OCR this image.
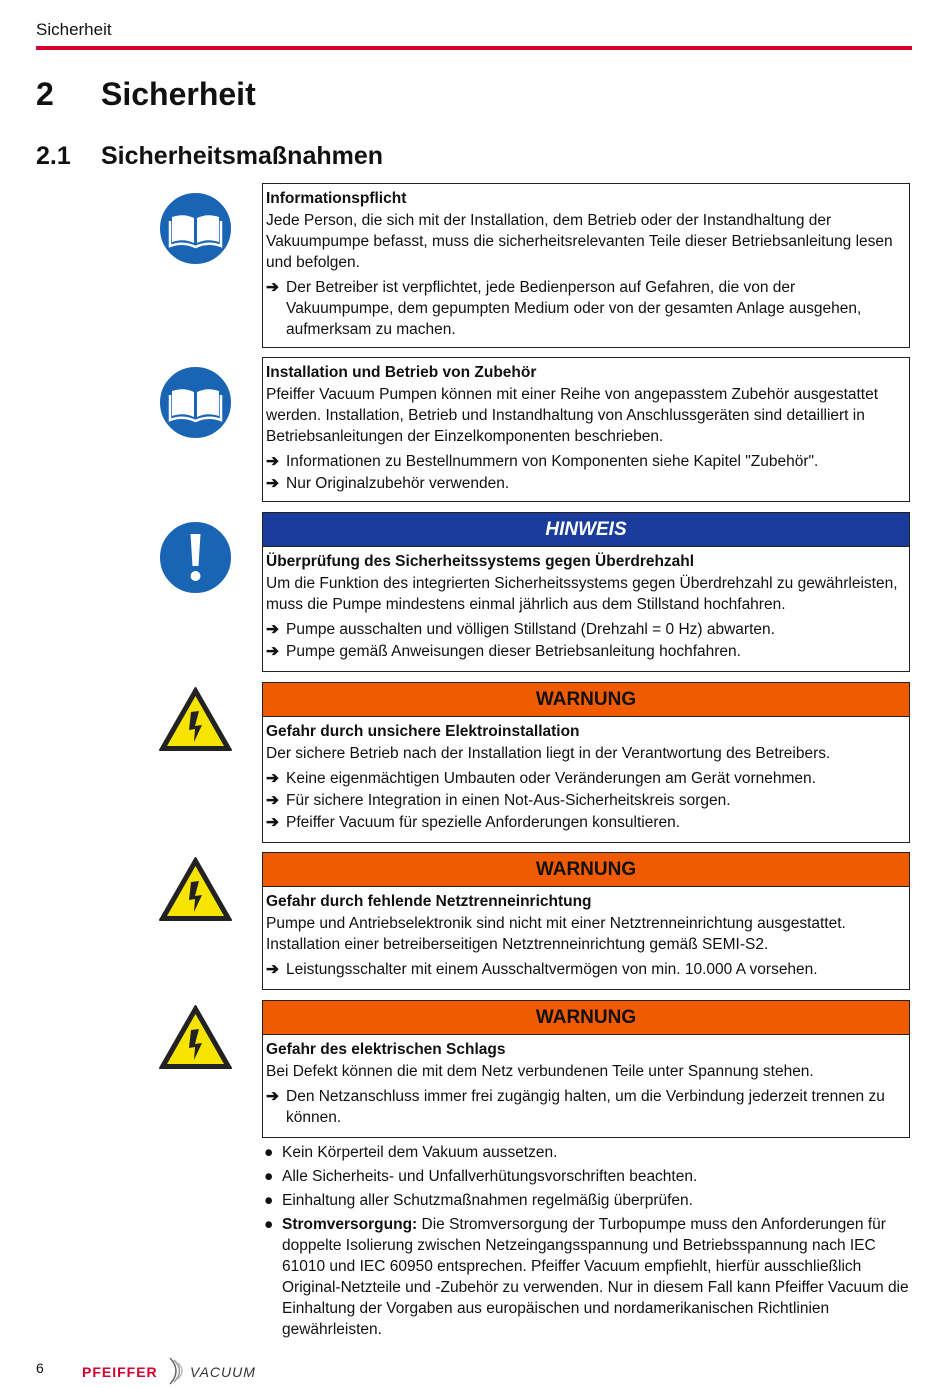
Sicherheit
2 Sicherheit
2.1 Sicherheitsmaßnahmen
Informationspflicht

Jede Person, die sich mit der Installation, dem Betrieb oder der Instandhaltung der Vakuumpumpe befasst, muss die sicherheitsrelevanten Teile dieser Betriebsanleitung lesen und befolgen.

➔ Der Betreiber ist verpflichtet, jede Bedienperson auf Gefahren, die von der Vakuumpumpe, dem gepumpten Medium oder von der gesamten Anlage ausgehen, aufmerksam zu machen.
Installation und Betrieb von Zubehör

Pfeiffer Vacuum Pumpen können mit einer Reihe von angepasstem Zubehör ausgestattet werden. Installation, Betrieb und Instandhaltung von Anschlussgeräten sind detailliert in Betriebsanleitungen der Einzelkomponenten beschrieben.

➔ Informationen zu Bestellnummern von Komponenten siehe Kapitel "Zubehör".
➔ Nur Originalzubehör verwenden.
HINWEIS
Überprüfung des Sicherheitssystems gegen Überdrehzahl

Um die Funktion des integrierten Sicherheitssystems gegen Überdrehzahl zu gewährleisten, muss die Pumpe mindestens einmal jährlich aus dem Stillstand hochfahren.

➔ Pumpe ausschalten und völligen Stillstand (Drehzahl = 0 Hz) abwarten.
➔ Pumpe gemäß Anweisungen dieser Betriebsanleitung hochfahren.
WARNUNG
Gefahr durch unsichere Elektroinstallation

Der sichere Betrieb nach der Installation liegt in der Verantwortung des Betreibers.

➔ Keine eigenmächtigen Umbauten oder Veränderungen am Gerät vornehmen.
➔ Für sichere Integration in einen Not-Aus-Sicherheitskreis sorgen.
➔ Pfeiffer Vacuum für spezielle Anforderungen konsultieren.
WARNUNG
Gefahr durch fehlende Netztrenneinrichtung

Pumpe und Antriebselektronik sind nicht mit einer Netztrenneinrichtung ausgestattet. Installation einer betreiberseitigen Netztrenneinrichtung gemäß SEMI-S2.

➔ Leistungsschalter mit einem Ausschaltvermögen von min. 10.000 A vorsehen.
WARNUNG
Gefahr des elektrischen Schlags

Bei Defekt können die mit dem Netz verbundenen Teile unter Spannung stehen.

➔ Den Netzanschluss immer frei zugängig halten, um die Verbindung jederzeit trennen zu können.
● Kein Körperteil dem Vakuum aussetzen.
● Alle Sicherheits- und Unfallverhütungsvorschriften beachten.
● Einhaltung aller Schutzmaßnahmen regelmäßig überprüfen.
● Stromversorgung: Die Stromversorgung der Turbopumpe muss den Anforderungen für doppelte Isolierung zwischen Netzeingangsspannung und Betriebsspannung nach IEC 61010 und IEC 60950 entsprechen. Pfeiffer Vacuum empfiehlt, hierfür ausschließlich Original-Netzteile und -Zubehör zu verwenden. Nur in diesem Fall kann Pfeiffer Vacuum die Einhaltung der Vorgaben aus europäischen und nordamerikanischen Richtlinien gewährleisten.
6	PFEIFFER VACUUM
